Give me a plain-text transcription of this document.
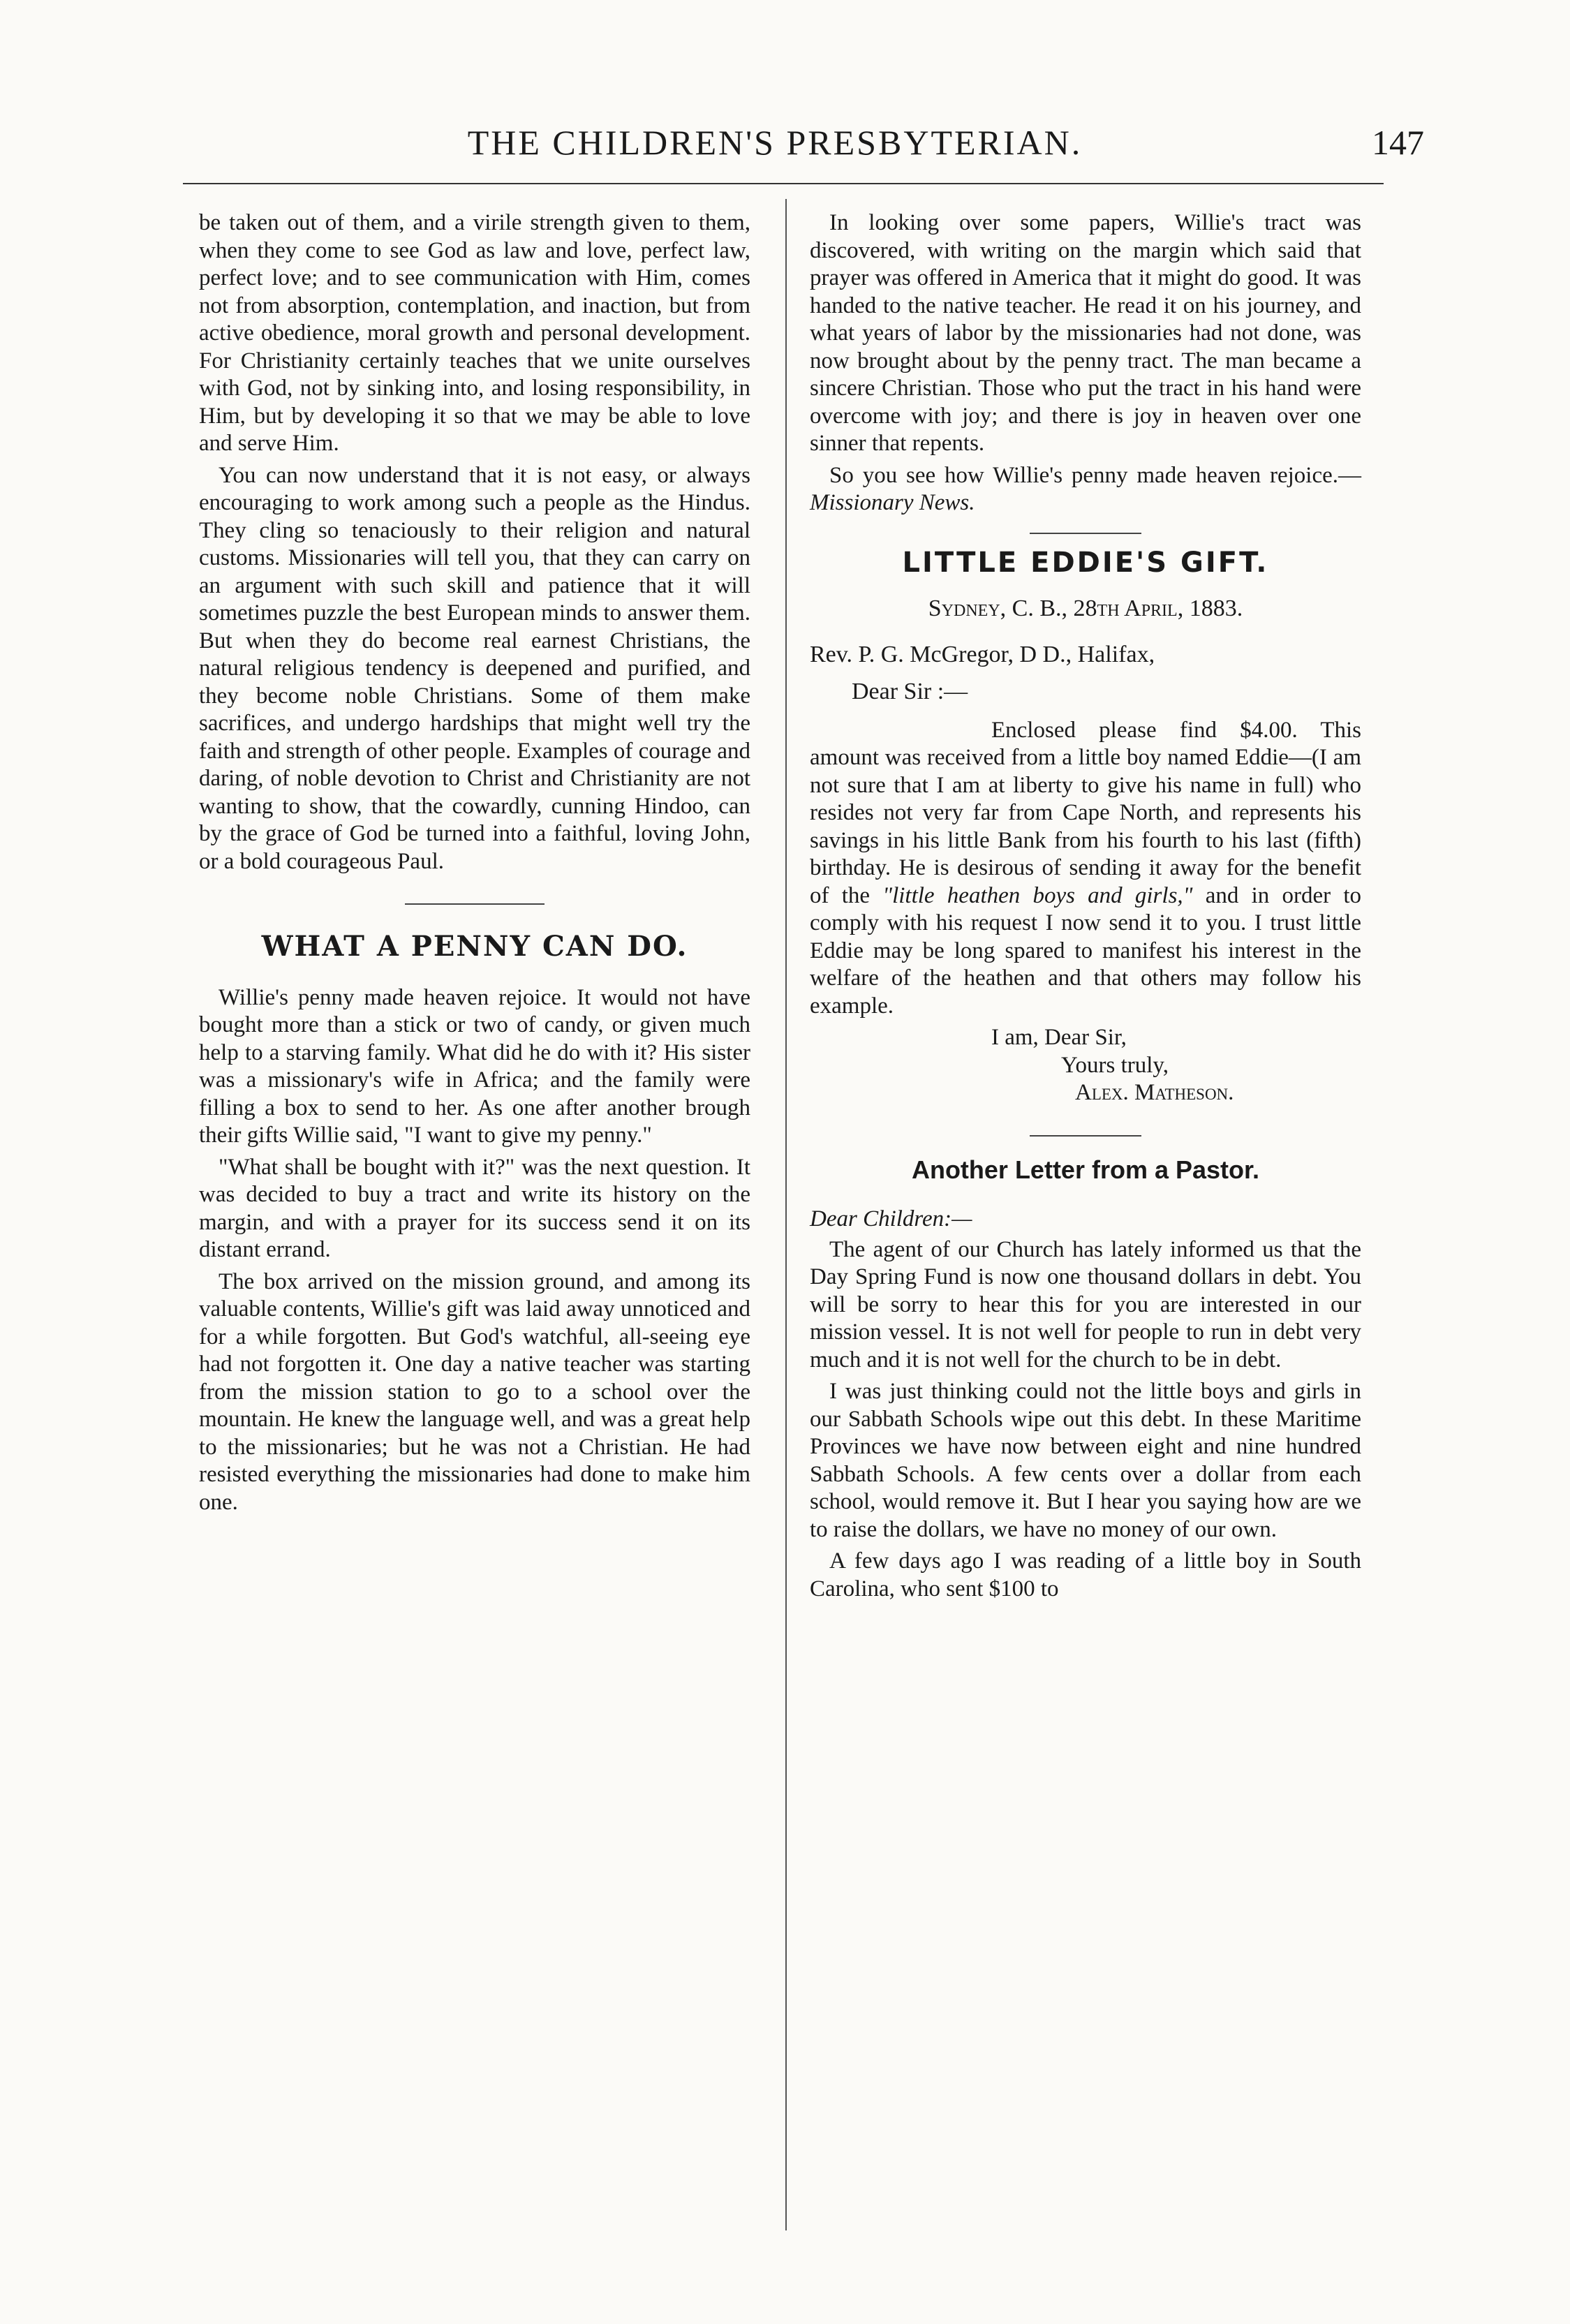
THE CHILDREN'S PRESBYTERIAN.	147

be taken out of them, and a virile strength given to them, when they come to see God as law and love, perfect law, perfect love; and to see communication with Him, comes not from absorption, contemplation, and inaction, but from active obedience, moral growth and personal development. For Christianity certainly teaches that we unite ourselves with God, not by sinking into, and losing responsibility, in Him, but by developing it so that we may be able to love and serve Him.

You can now understand that it is not easy, or always encouraging to work among such a people as the Hindus. They cling so tenaciously to their religion and natural customs. Missionaries will tell you, that they can carry on an argument with such skill and patience that it will sometimes puzzle the best European minds to answer them. But when they do become real earnest Christians, the natural religious tendency is deepened and purified, and they become noble Christians. Some of them make sacrifices, and undergo hardships that might well try the faith and strength of other people. Examples of courage and daring, of noble devotion to Christ and Christianity are not wanting to show, that the cowardly, cunning Hindoo, can by the grace of God be turned into a faithful, loving John, or a bold courageous Paul.

WHAT A PENNY CAN DO.

Willie's penny made heaven rejoice. It would not have bought more than a stick or two of candy, or given much help to a starving family. What did he do with it? His sister was a missionary's wife in Africa; and the family were filling a box to send to her. As one after another brough their gifts Willie said, "I want to give my penny."

"What shall be bought with it?" was the next question. It was decided to buy a tract and write its history on the margin, and with a prayer for its success send it on its distant errand.

The box arrived on the mission ground, and among its valuable contents, Willie's gift was laid away unnoticed and for a while forgotten. But God's watchful, all-seeing eye had not forgotten it. One day a native teacher was starting from the mission station to go to a school over the mountain. He knew the language well, and was a great help to the missionaries; but he was not a Christian. He had resisted everything the missionaries had done to make him one.

In looking over some papers, Willie's tract was discovered, with writing on the margin which said that prayer was offered in America that it might do good. It was handed to the native teacher. He read it on his journey, and what years of labor by the missionaries had not done, was now brought about by the penny tract. The man became a sincere Christian. Those who put the tract in his hand were overcome with joy; and there is joy in heaven over one sinner that repents.

So you see how Willie's penny made heaven rejoice.—Missionary News.

LITTLE EDDIE'S GIFT.
Sydney, C. B., 28th April, 1883.
Rev. P. G. McGregor, D D., Halifax,
Dear Sir :—

Enclosed please find $4.00. This amount was received from a little boy named Eddie—(I am not sure that I am at liberty to give his name in full) who resides not very far from Cape North, and represents his savings in his little Bank from his fourth to his last (fifth) birthday. He is desirous of sending it away for the benefit of the "little heathen boys and girls," and in order to comply with his request I now send it to you. I trust little Eddie may be long spared to manifest his interest in the welfare of the heathen and that others may follow his example.

I am, Dear Sir,
Yours truly,
Alex. Matheson.
Another Letter from a Pastor.
Dear Children:—

The agent of our Church has lately informed us that the Day Spring Fund is now one thousand dollars in debt. You will be sorry to hear this for you are interested in our mission vessel. It is not well for people to run in debt very much and it is not well for the church to be in debt.

I was just thinking could not the little boys and girls in our Sabbath Schools wipe out this debt. In these Maritime Provinces we have now between eight and nine hundred Sabbath Schools. A few cents over a dollar from each school, would remove it. But I hear you saying how are we to raise the dollars, we have no money of our own.

A few days ago I was reading of a little boy in South Carolina, who sent $100 to
